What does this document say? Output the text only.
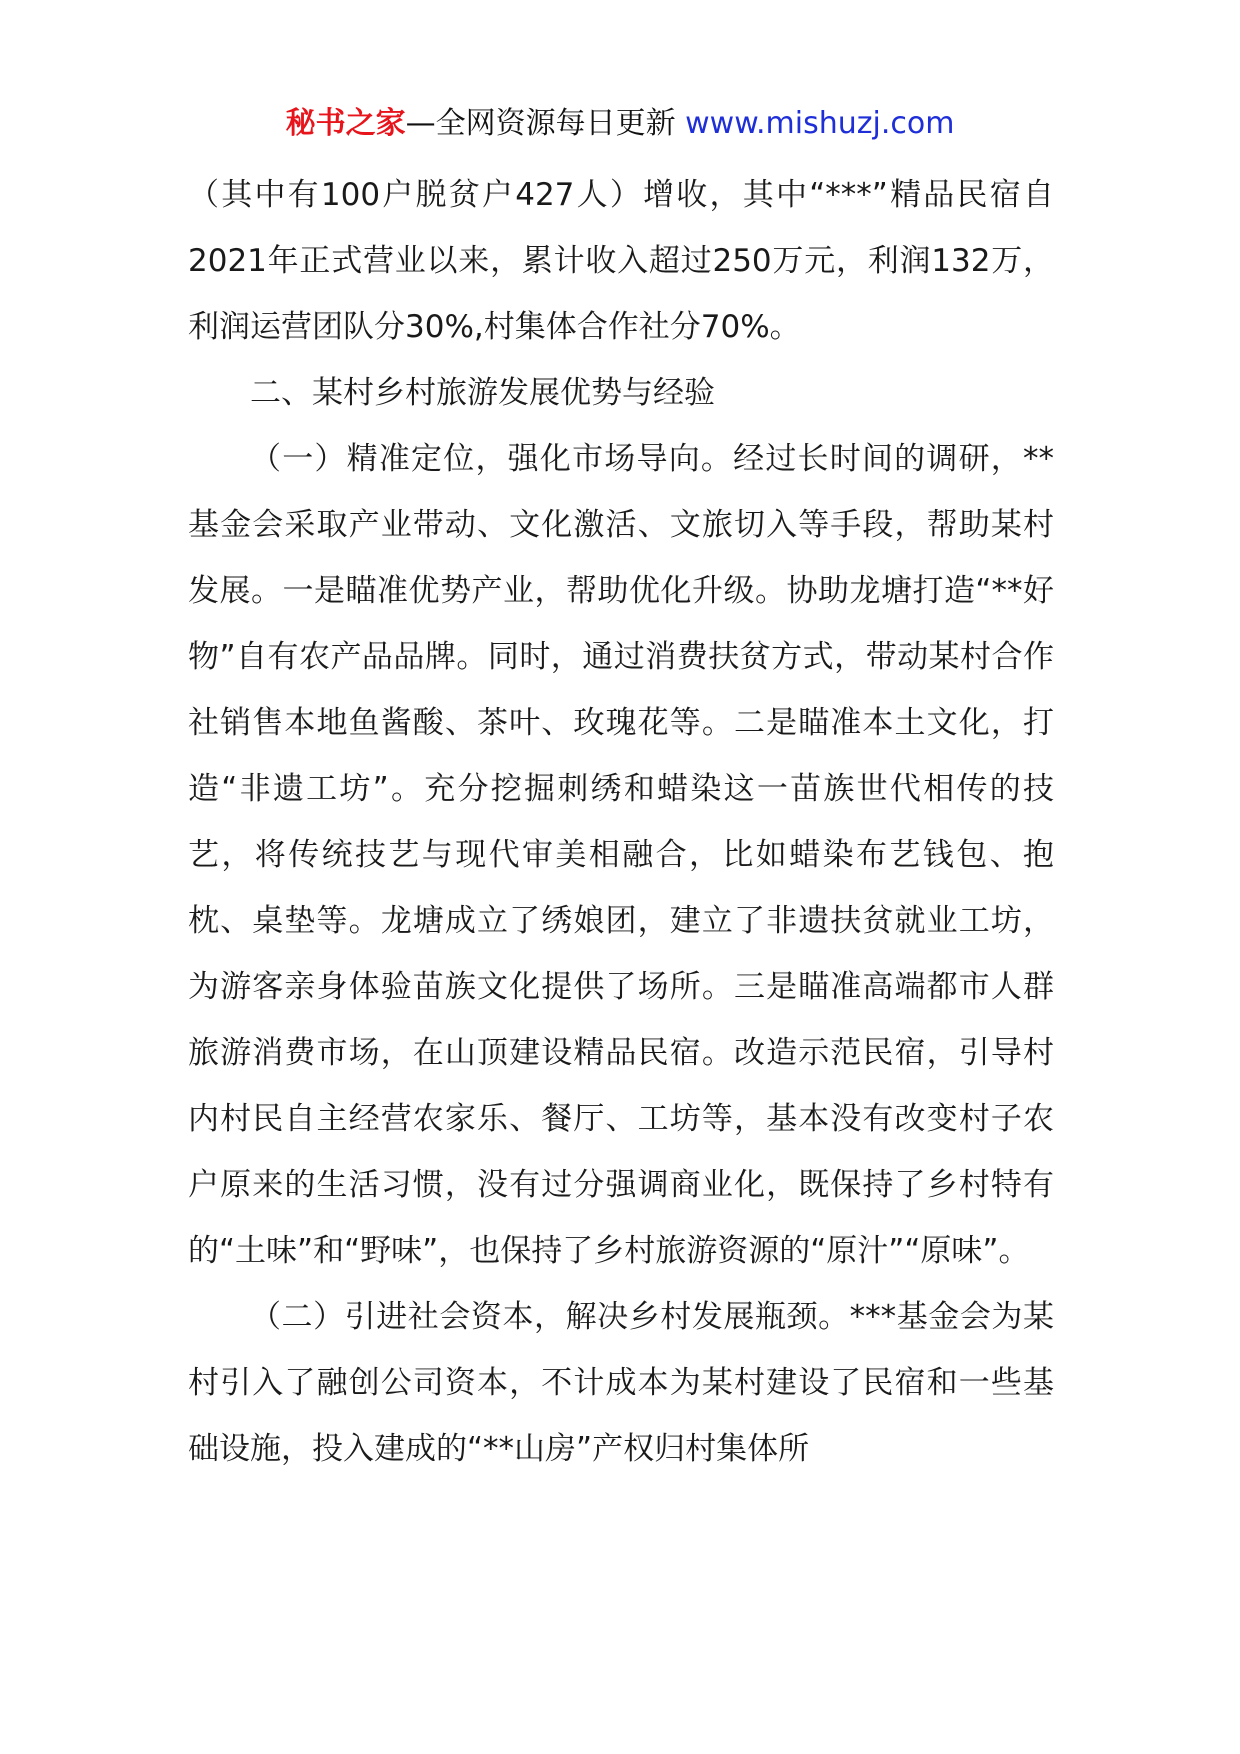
秘书之家—全网资源每日更新 www.mishuzj.com

（其中有100户脱贫户427人）增收，其中“***”精品民宿自2021年正式营业以来，累计收入超过250万元，利润132万，利润运营团队分30%,村集体合作社分70%。

二、某村乡村旅游发展优势与经验

（一）精准定位，强化市场导向。经过长时间的调研，**基金会采取产业带动、文化激活、文旅切入等手段，帮助某村发展。一是瞄准优势产业，帮助优化升级。协助龙塘打造“**好物”自有农产品品牌。同时，通过消费扶贫方式，带动某村合作社销售本地鱼酱酸、茶叶、玫瑰花等。二是瞄准本土文化，打造“非遗工坊”。充分挖掘刺绣和蜡染这一苗族世代相传的技艺，将传统技艺与现代审美相融合，比如蜡染布艺钱包、抱枕、桌垫等。龙塘成立了绣娘团，建立了非遗扶贫就业工坊，为游客亲身体验苗族文化提供了场所。三是瞄准高端都市人群旅游消费市场，在山顶建设精品民宿。改造示范民宿，引导村内村民自主经营农家乐、餐厅、工坊等，基本没有改变村子农户原来的生活习惯，没有过分强调商业化，既保持了乡村特有的“土味”和“野味”，也保持了乡村旅游资源的“原汁”“原味”。

（二）引进社会资本，解决乡村发展瓶颈。***基金会为某村引入了融创公司资本，不计成本为某村建设了民宿和一些基础设施，投入建成的“**山房”产权归村集体所
